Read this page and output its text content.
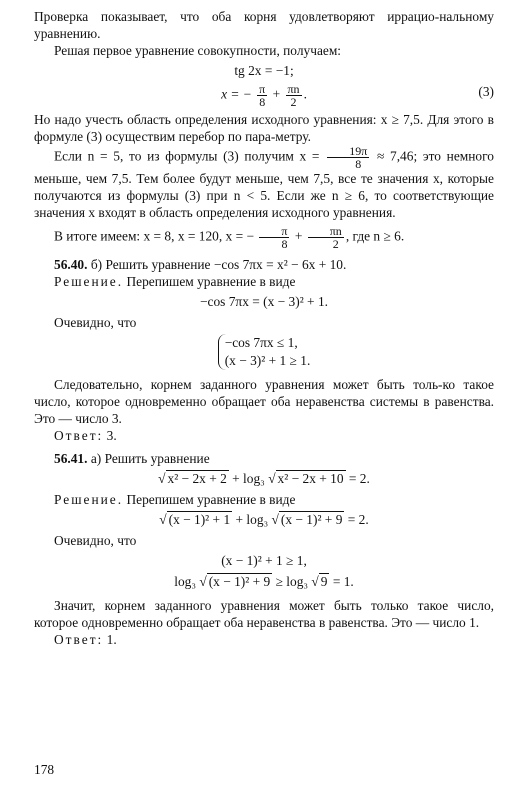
Проверка показывает, что оба корня удовлетворяют иррацио-нальному уравнению.

Решая первое уравнение совокупности, получаем:

tg 2x = −1;
x = − $\frac{\pi}{8} + \frac{\pi n}{2}$ .	(3)

Но надо учесть область определения исходного уравнения: x ≥ 7,5. Для этого в формуле (3) осуществим перебор по пара-метру.

Если n = 5, то из формулы (3) получим $x = \frac{19\pi}{8} \approx 7,46$; это немного меньше, чем 7,5. Тем более будут меньше, чем 7,5, все те значения x, которые получаются из формулы (3) при n < 5. Если же n ≥ 6, то соответствующие значения x входят в область определения исходного уравнения.

В итоге имеем: x = 8, x = 120, x = − $\frac{\pi}{8} + \frac{\pi n}{2}$ , где n ≥ 6.

56.40. б) Решить уравнение −cos 7πx = x² − 6x + 10.

Решение. Перепишем уравнение в виде

−cos 7πx = (x − 3)² + 1.

Очевидно, что

−cos 7πx ≤ 1,
(x − 3)² + 1 ≥ 1.

Следовательно, корнем заданного уравнения может быть толь-ко такое число, которое одновременно обращает оба неравенства системы в равенства. Это — число 3.

Ответ: 3.

56.41. а) Решить уравнение

√ x² − 2x + 2 + log₃ √ x² − 2x + 10 = 2.

Решение. Перепишем уравнение в виде

√ (x − 1)² + 1 + log₃ √ (x − 1)² + 9 = 2.

Очевидно, что

(x − 1)² + 1 ≥ 1,
log₃ √ (x − 1)² + 9 ≥ log₃ √ 9 = 1.

Значит, корнем заданного уравнения может быть только такое число, которое одновременно обращает оба неравенства в равенства. Это — число 1.

Ответ: 1.

178
